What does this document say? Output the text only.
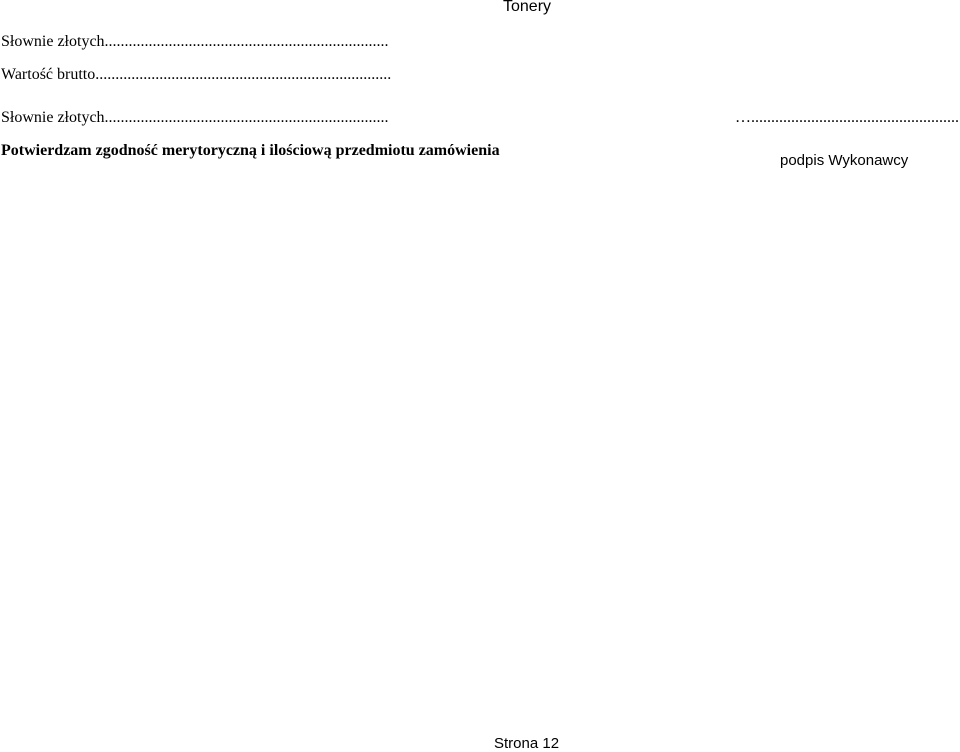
Tonery
Słownie złotych.......................................................................
Wartość brutto..........................................................................
Słownie złotych.......................................................................	…....................................................
Potwierdzam zgodność merytoryczną i ilościową przedmiotu zamówienia
podpis Wykonawcy
Strona 12
